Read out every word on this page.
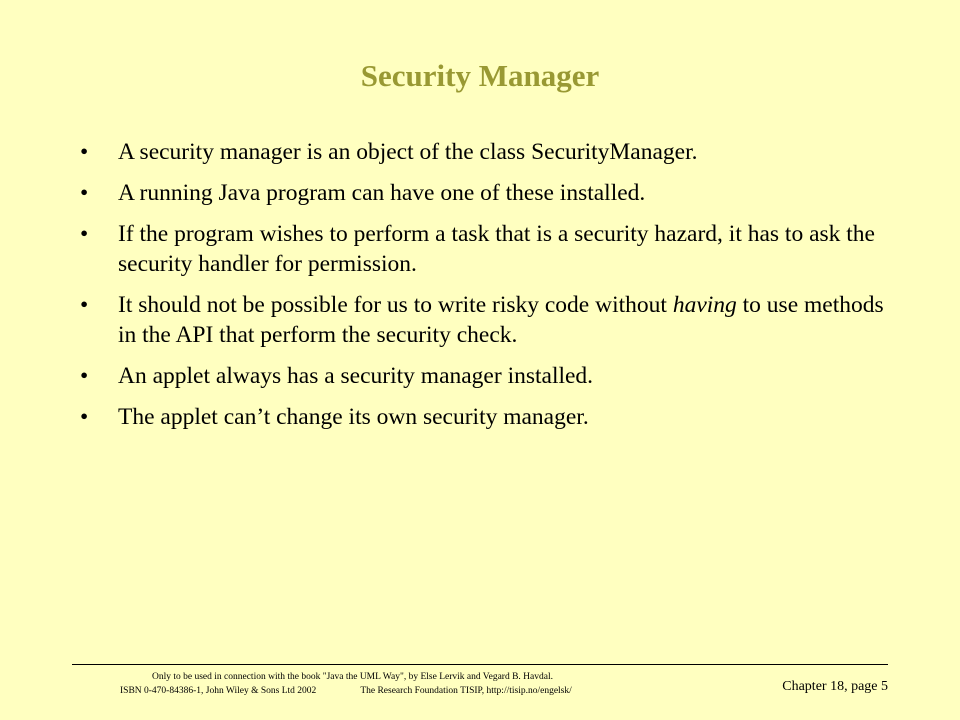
Security Manager
• A security manager is an object of the class SecurityManager.
• A running Java program can have one of these installed.
• If the program wishes to perform a task that is a security hazard, it has to ask the security handler for permission.
• It should not be possible for us to write risky code without having to use methods in the API that perform the security check.
• An applet always has a security manager installed.
• The applet can’t change its own security manager.
Only to be used in connection with the book "Java the UML Way", by Else Lervik and Vegard B. Havdal.
ISBN 0-470-84386-1, John Wiley & Sons Ltd 2002	The Research Foundation TISIP, http://tisip.no/engelsk/	Chapter 18, page 5
